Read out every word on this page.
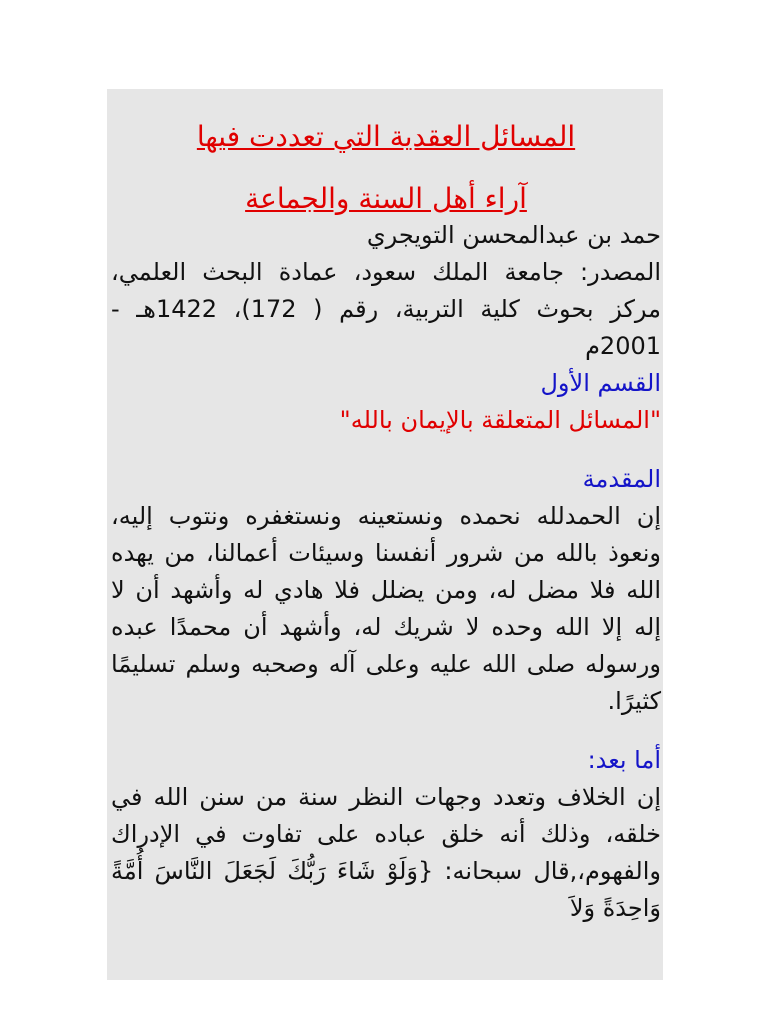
المسائل العقدية التي تعددت فيها

آراء أهل السنة والجماعة

حمد بن عبدالمحسن التويجري

المصدر: جامعة الملك سعود، عمادة البحث العلمي، مركز بحوث كلية التربية، رقم ( 172)، 1422هـ - 2001م

القسم الأول

"المسائل المتعلقة بالإيمان بالله"

المقدمة

إن الحمدلله نحمده ونستعينه ونستغفره ونتوب إليه، ونعوذ بالله من شرور أنفسنا وسيئات أعمالنا، من يهده الله فلا مضل له، ومن يضلل فلا هادي له وأشهد أن لا إله إلا الله وحده لا شريك له، وأشهد أن محمدًا عبده ورسوله صلى الله عليه وعلى آله وصحبه وسلم تسليمًا كثيرًا.

أما بعد:

إن الخلاف وتعدد وجهات النظر سنة من سنن الله في خلقه، وذلك أنه خلق عباده على تفاوت في الإدراك والفهوم،,قال سبحانه: {وَلَوْ شَاءَ رَبُّكَ لَجَعَلَ النَّاسَ أُمَّةً وَاحِدَةً وَلاَ
